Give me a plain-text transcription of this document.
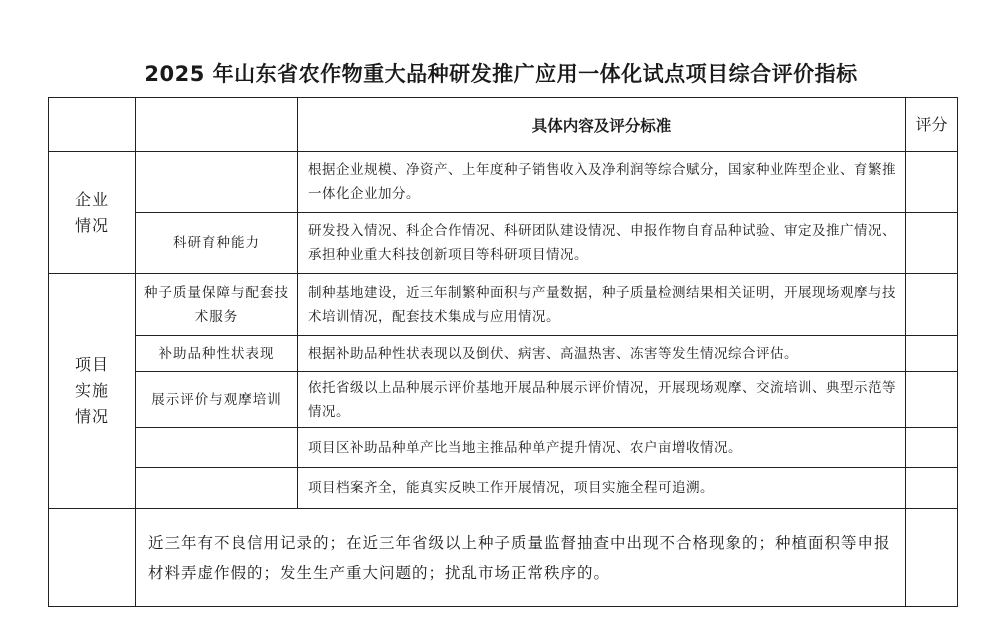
2025 年山东省农作物重大品种研发推广应用一体化试点项目综合评价指标
		具体内容及评分标准	评分

企业情况		根据企业规模、净资产、上年度种子销售收入及净利润等综合赋分，国家种业阵型企业、育繁推一体化企业加分。	
	科研育种能力	研发投入情况、科企合作情况、科研团队建设情况、申报作物自育品种试验、审定及推广情况、承担种业重大科技创新项目等科研项目情况。	

项目实施情况	种子质量保障与配套技术服务	制种基地建设，近三年制繁种面积与产量数据，种子质量检测结果相关证明，开展现场观摩与技术培训情况，配套技术集成与应用情况。	
	补助品种性状表现	根据补助品种性状表现以及倒伏、病害、高温热害、冻害等发生情况综合评估。	
	展示评价与观摩培训	依托省级以上品种展示评价基地开展品种展示评价情况，开展现场观摩、交流培训、典型示范等情况。	
		项目区补助品种单产比当地主推品种单产提升情况、农户亩增收情况。	
		项目档案齐全，能真实反映工作开展情况，项目实施全程可追溯。	

	近三年有不良信用记录的；在近三年省级以上种子质量监督抽查中出现不合格现象的；种植面积等申报材料弄虚作假的；发生生产重大问题的；扰乱市场正常秩序的。		
